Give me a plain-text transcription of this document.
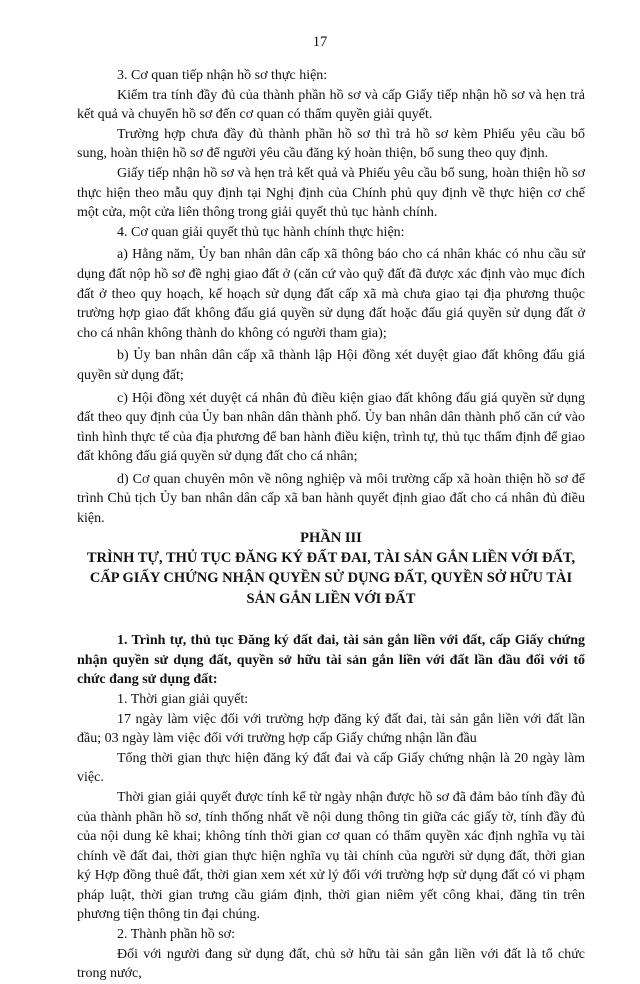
17

3. Cơ quan tiếp nhận hồ sơ thực hiện:

Kiểm tra tính đầy đủ của thành phần hồ sơ và cấp Giấy tiếp nhận hồ sơ và hẹn trả kết quả và chuyển hồ sơ đến cơ quan có thẩm quyền giải quyết.

Trường hợp chưa đầy đủ thành phần hồ sơ thì trả hồ sơ kèm Phiếu yêu cầu bổ sung, hoàn thiện hồ sơ để người yêu cầu đăng ký hoàn thiện, bổ sung theo quy định.

Giấy tiếp nhận hồ sơ và hẹn trả kết quả và Phiếu yêu cầu bổ sung, hoàn thiện hồ sơ thực hiện theo mẫu quy định tại Nghị định của Chính phủ quy định về thực hiện cơ chế một cửa, một cửa liên thông trong giải quyết thủ tục hành chính.

4. Cơ quan giải quyết thủ tục hành chính thực hiện:

a) Hằng năm, Ủy ban nhân dân cấp xã thông báo cho cá nhân khác có nhu cầu sử dụng đất nộp hồ sơ đề nghị giao đất ở (căn cứ vào quỹ đất đã được xác định vào mục đích đất ở theo quy hoạch, kế hoạch sử dụng đất cấp xã mà chưa giao tại địa phương thuộc trường hợp giao đất không đấu giá quyền sử dụng đất hoặc đấu giá quyền sử dụng đất ở cho cá nhân không thành do không có người tham gia);

b) Ủy ban nhân dân cấp xã thành lập Hội đồng xét duyệt giao đất không đấu giá quyền sử dụng đất;

c) Hội đồng xét duyệt cá nhân đủ điều kiện giao đất không đấu giá quyền sử dụng đất theo quy định của Ủy ban nhân dân thành phố. Ủy ban nhân dân thành phố căn cứ vào tình hình thực tế của địa phương để ban hành điều kiện, trình tự, thủ tục thẩm định để giao đất không đấu giá quyền sử dụng đất cho cá nhân;

d) Cơ quan chuyên môn về nông nghiệp và môi trường cấp xã hoàn thiện hồ sơ để trình Chủ tịch Ủy ban nhân dân cấp xã ban hành quyết định giao đất cho cá nhân đủ điều kiện.

PHẦN III

TRÌNH TỰ, THỦ TỤC ĐĂNG KÝ ĐẤT ĐAI, TÀI SẢN GẮN LIỀN VỚI ĐẤT, CẤP GIẤY CHỨNG NHẬN QUYỀN SỬ DỤNG ĐẤT, QUYỀN SỞ HỮU TÀI SẢN GẮN LIỀN VỚI ĐẤT

1. Trình tự, thủ tục Đăng ký đất đai, tài sản gắn liền với đất, cấp Giấy chứng nhận quyền sử dụng đất, quyền sở hữu tài sản gắn liền với đất lần đầu đối với tổ chức đang sử dụng đất:

1. Thời gian giải quyết:

17 ngày làm việc đối với trường hợp đăng ký đất đai, tài sản gắn liền với đất lần đầu; 03 ngày làm việc đối với trường hợp cấp Giấy chứng nhận lần đầu

Tổng thời gian thực hiện đăng ký đất đai và cấp Giấy chứng nhận là 20 ngày làm việc.

Thời gian giải quyết được tính kể từ ngày nhận được hồ sơ đã đảm bảo tính đầy đủ của thành phần hồ sơ, tính thống nhất về nội dung thông tin giữa các giấy tờ, tính đầy đủ của nội dung kê khai; không tính thời gian cơ quan có thẩm quyền xác định nghĩa vụ tài chính về đất đai, thời gian thực hiện nghĩa vụ tài chính của người sử dụng đất, thời gian ký Hợp đồng thuê đất, thời gian xem xét xử lý đối với trường hợp sử dụng đất có vi phạm pháp luật, thời gian trưng cầu giám định, thời gian niêm yết công khai, đăng tin trên phương tiện thông tin đại chúng.

2. Thành phần hồ sơ:

Đối với người đang sử dụng đất, chủ sở hữu tài sản gắn liền với đất là tổ chức trong nước,
